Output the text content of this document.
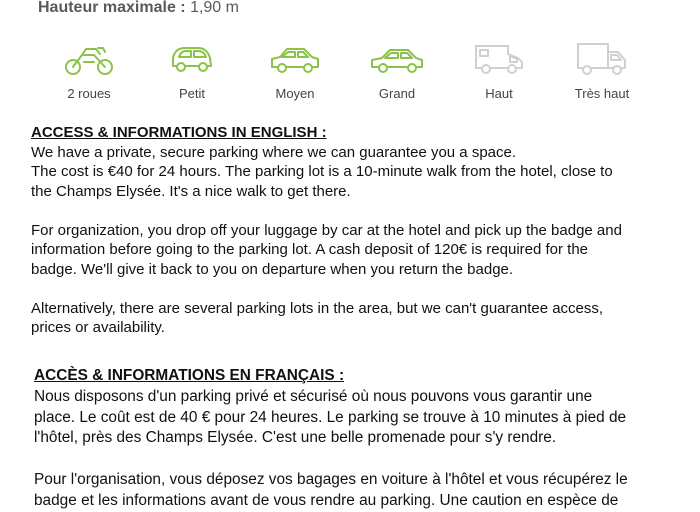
Hauteur maximale : 1,90 m
2 roues	Petit	Moyen	Grand	Haut	Très haut

ACCESS & INFORMATIONS IN ENGLISH :

We have a private, secure parking where we can guarantee you a space.

The cost is €40 for 24 hours. The parking lot is a 10-minute walk from the hotel, close to

the Champs Elysée. It's a nice walk to get there.

For organization, you drop off your luggage by car at the hotel and pick up the badge and

information before going to the parking lot. A cash deposit of 120€ is required for the

badge. We'll give it back to you on departure when you return the badge.

Alternatively, there are several parking lots in the area, but we can't guarantee access,

prices or availability.

ACCÈS & INFORMATIONS EN FRANÇAIS :

Nous disposons d'un parking privé et sécurisé où nous pouvons vous garantir une

place. Le coût est de 40 € pour 24 heures. Le parking se trouve à 10 minutes à pied de

l'hôtel, près des Champs Elysée. C'est une belle promenade pour s'y rendre.

Pour l'organisation, vous déposez vos bagages en voiture à l'hôtel et vous récupérez le

badge et les informations avant de vous rendre au parking. Une caution en espèce de
